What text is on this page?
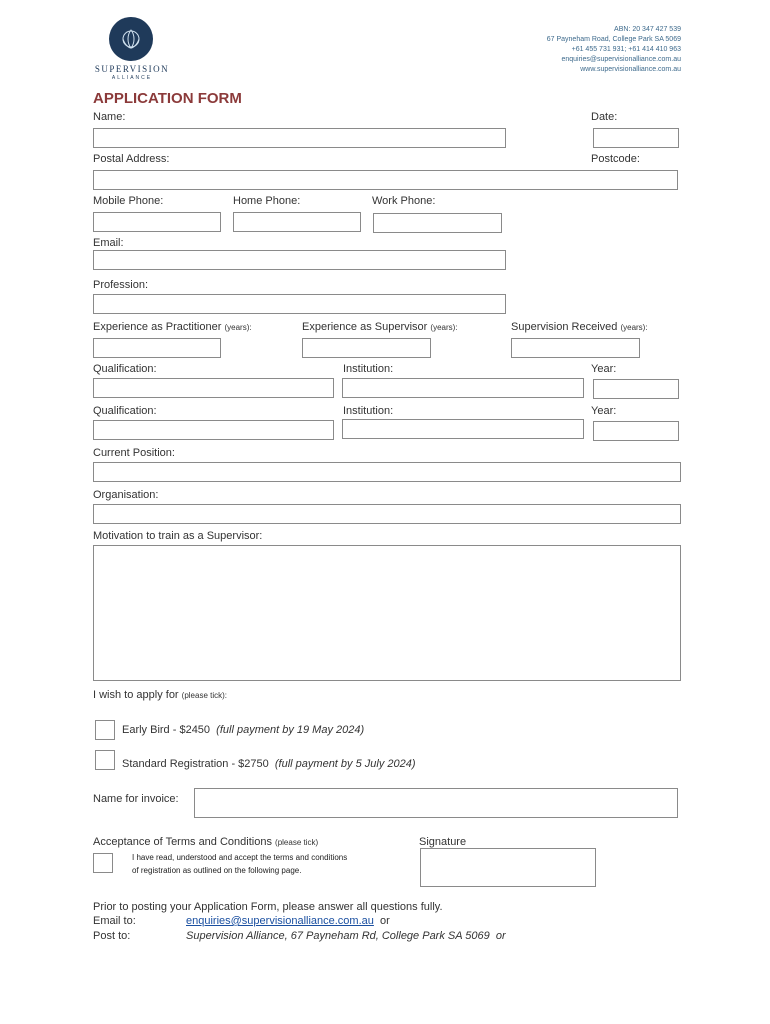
SUPERVISION
ALLIANCE
ABN: 20 347 427 539
67 Payneham Road, College Park SA 5069
+61 455 731 931; +61 414 410 963
enquiries@supervisionalliance.com.au
www.supervisionalliance.com.au
APPLICATION FORM
Name:	Date:
Postal Address:	Postcode:
Mobile Phone:	Home Phone:	Work Phone:
Email:
Profession:
Experience as Practitioner (years):	Experience as Supervisor (years):	Supervision Received (years):
Qualification:	Institution:	Year:
Qualification:	Institution:	Year:
Current Position:
Organisation:
Motivation to train as a Supervisor:
I wish to apply for (please tick):
Early Bird - $2450 (full payment by 19 May 2024)
Standard Registration - $2750 (full payment by 5 July 2024)
Name for invoice:
Acceptance of Terms and Conditions (please tick)	Signature
I have read, understood and accept the terms and conditions
of registration as outlined on the following page.
Prior to posting your Application Form, please answer all questions fully.
Email to:	enquiries@supervisionalliance.com.au or
Post to:	Supervision Alliance, 67 Payneham Rd, College Park SA 5069 or
